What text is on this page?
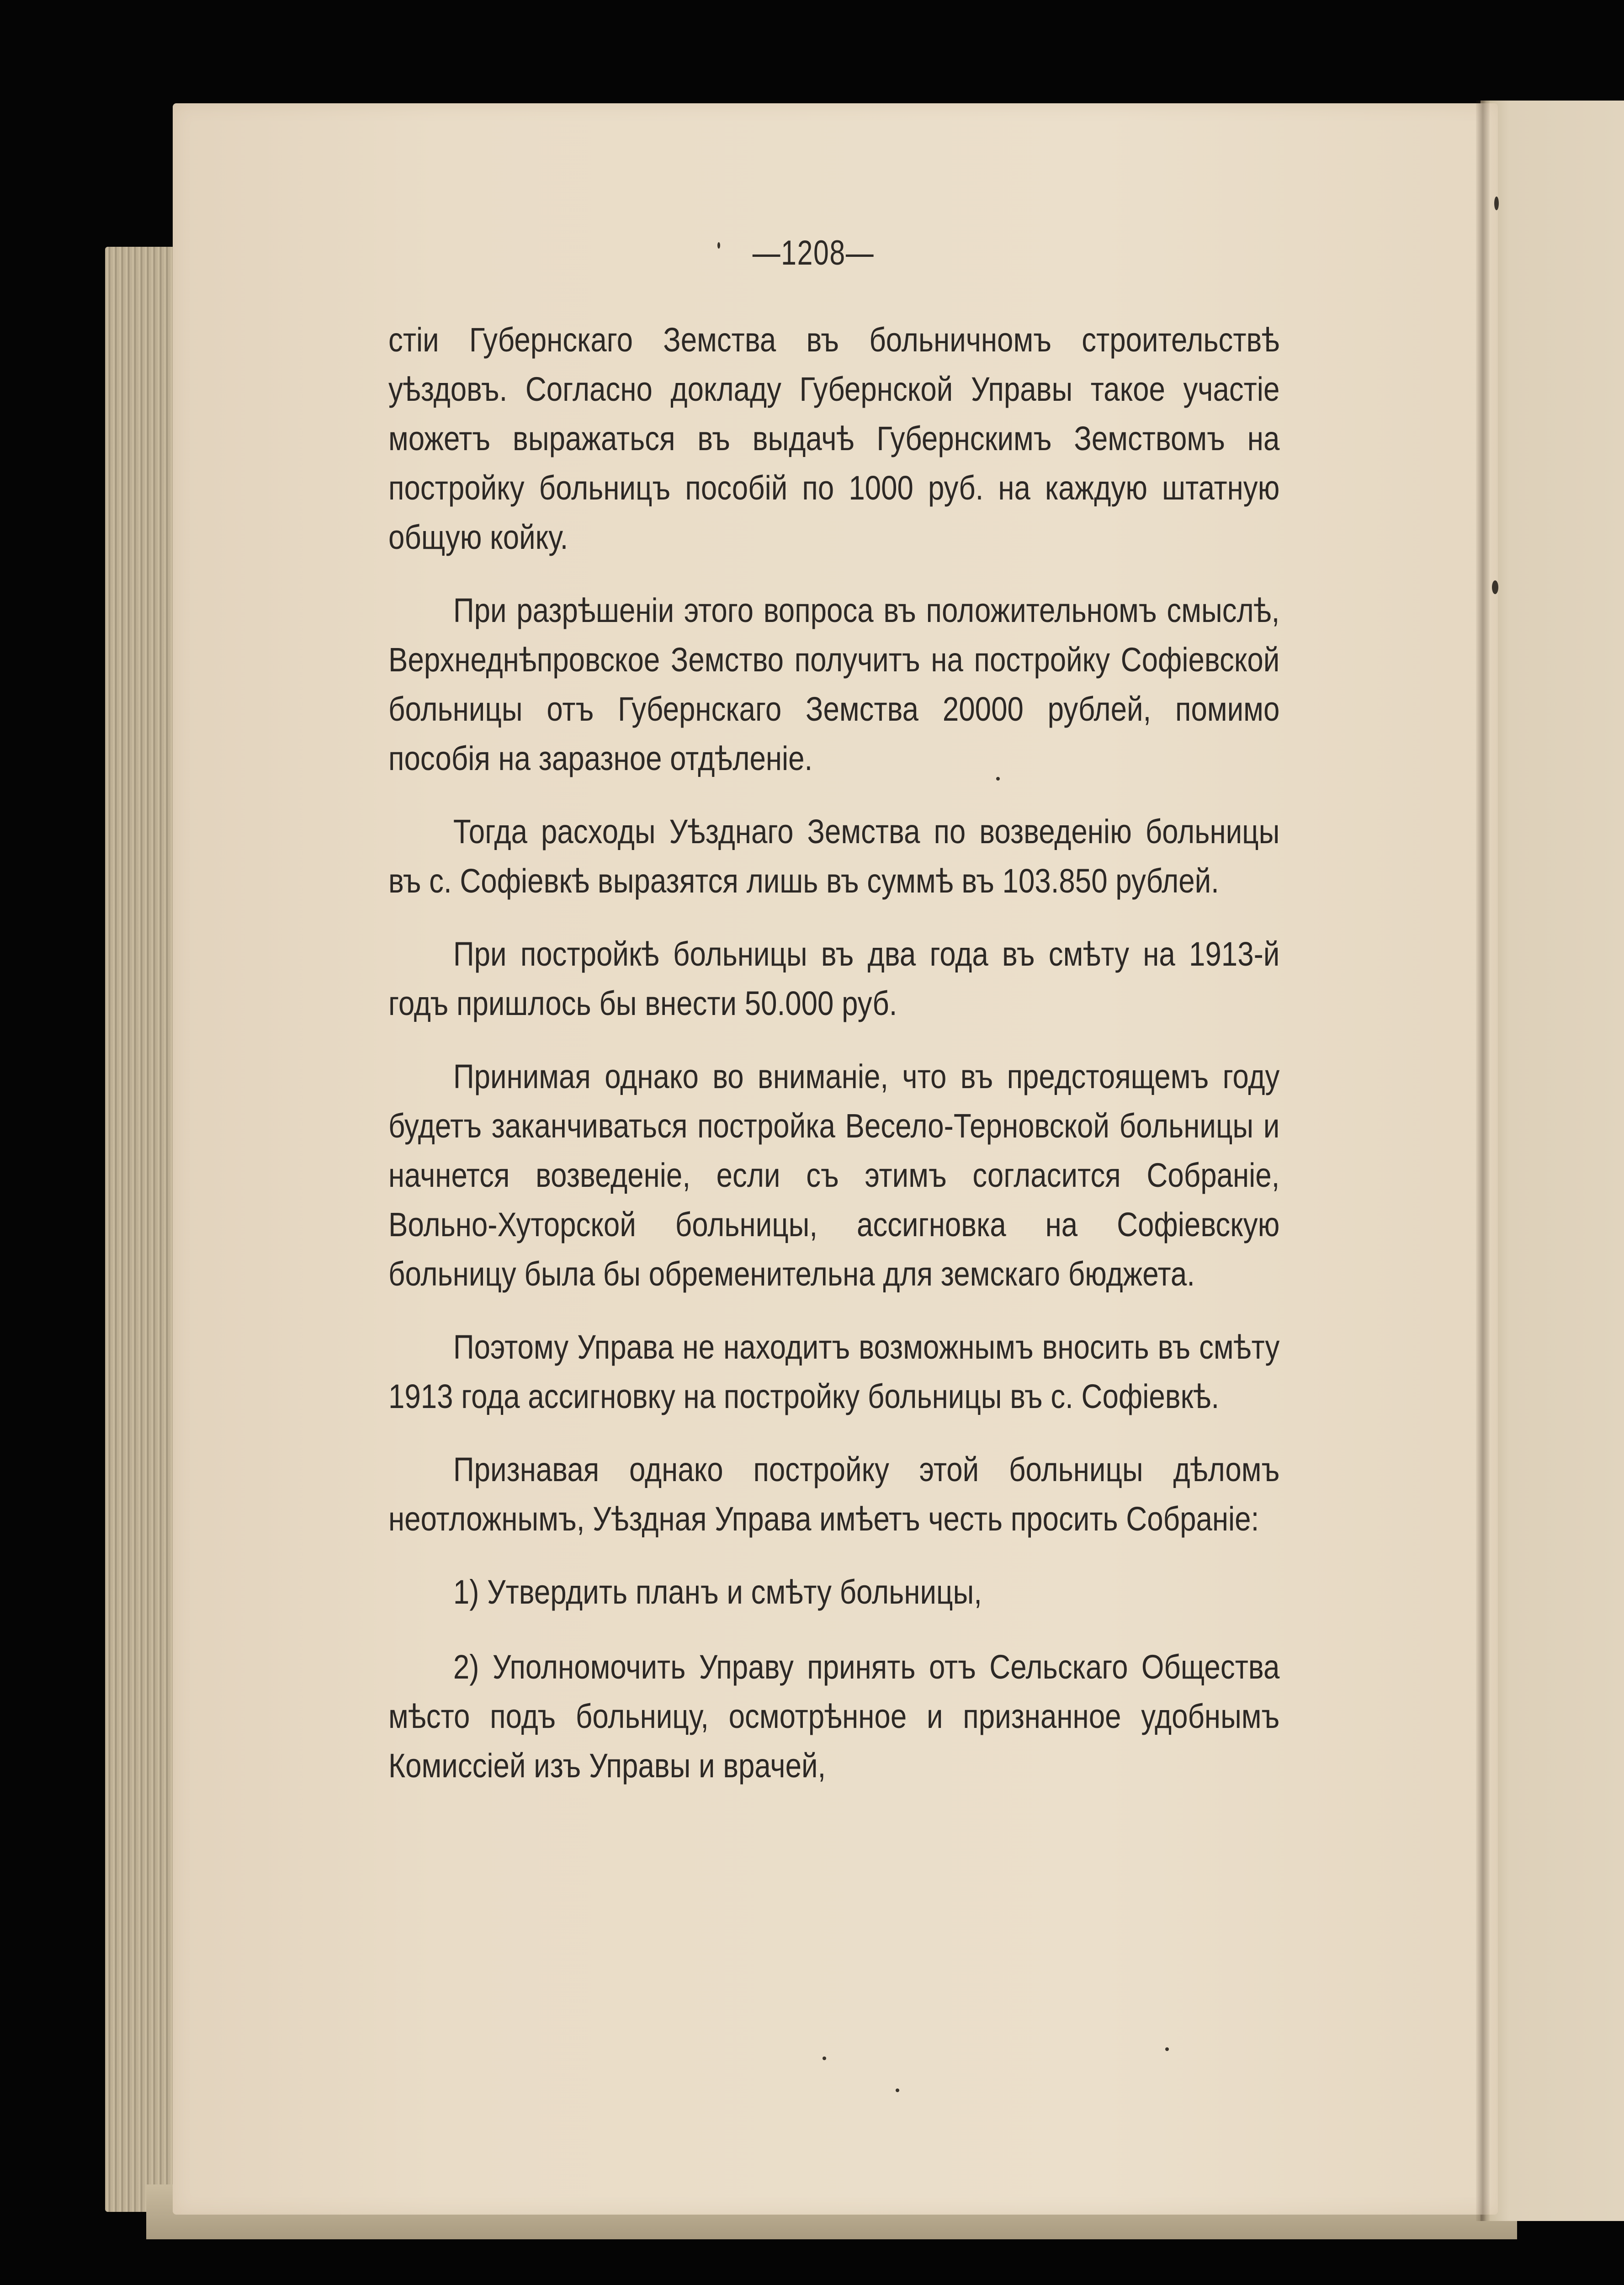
—1208—

стіи Губернскаго Земства въ больничномъ строительствѣ уѣздовъ. Согласно докладу Губернской Управы такое участіе можетъ выражаться въ выдачѣ Губернскимъ Земствомъ на постройку больницъ пособій по 1000 руб. на каждую штатную общую койку.

При разрѣшеніи этого вопроса въ положительномъ смыслѣ, Верхнеднѣпровское Земство получитъ на постройку Софіевской больницы отъ Губернскаго Земства 20000 рублей, помимо пособія на заразное отдѣленіе.

Тогда расходы Уѣзднаго Земства по возведенію больницы въ с. Софіевкѣ выразятся лишь въ суммѣ въ 103.850 рублей.

При постройкѣ больницы въ два года въ смѣту на 1913-й годъ пришлось бы внести 50.000 руб.

Принимая однако во вниманіе, что въ предстоящемъ году будетъ заканчиваться постройка Весело-Терновской больницы и начнется возведеніе, если съ этимъ согласится Собраніе, Вольно-Хуторской больницы, ассигновка на Софіевскую больницу была бы обременительна для земскаго бюджета.

Поэтому Управа не находитъ возможнымъ вносить въ смѣту 1913 года ассигновку на постройку больницы въ с. Софіевкѣ.

Признавая однако постройку этой больницы дѣломъ неотложнымъ, Уѣздная Управа имѣетъ честь просить Собраніе:

1) Утвердить планъ и смѣту больницы,

2) Уполномочить Управу принять отъ Сельскаго Общества мѣсто подъ больницу, осмотрѣнное и признанное удобнымъ Комиссіей изъ Управы и врачей,
